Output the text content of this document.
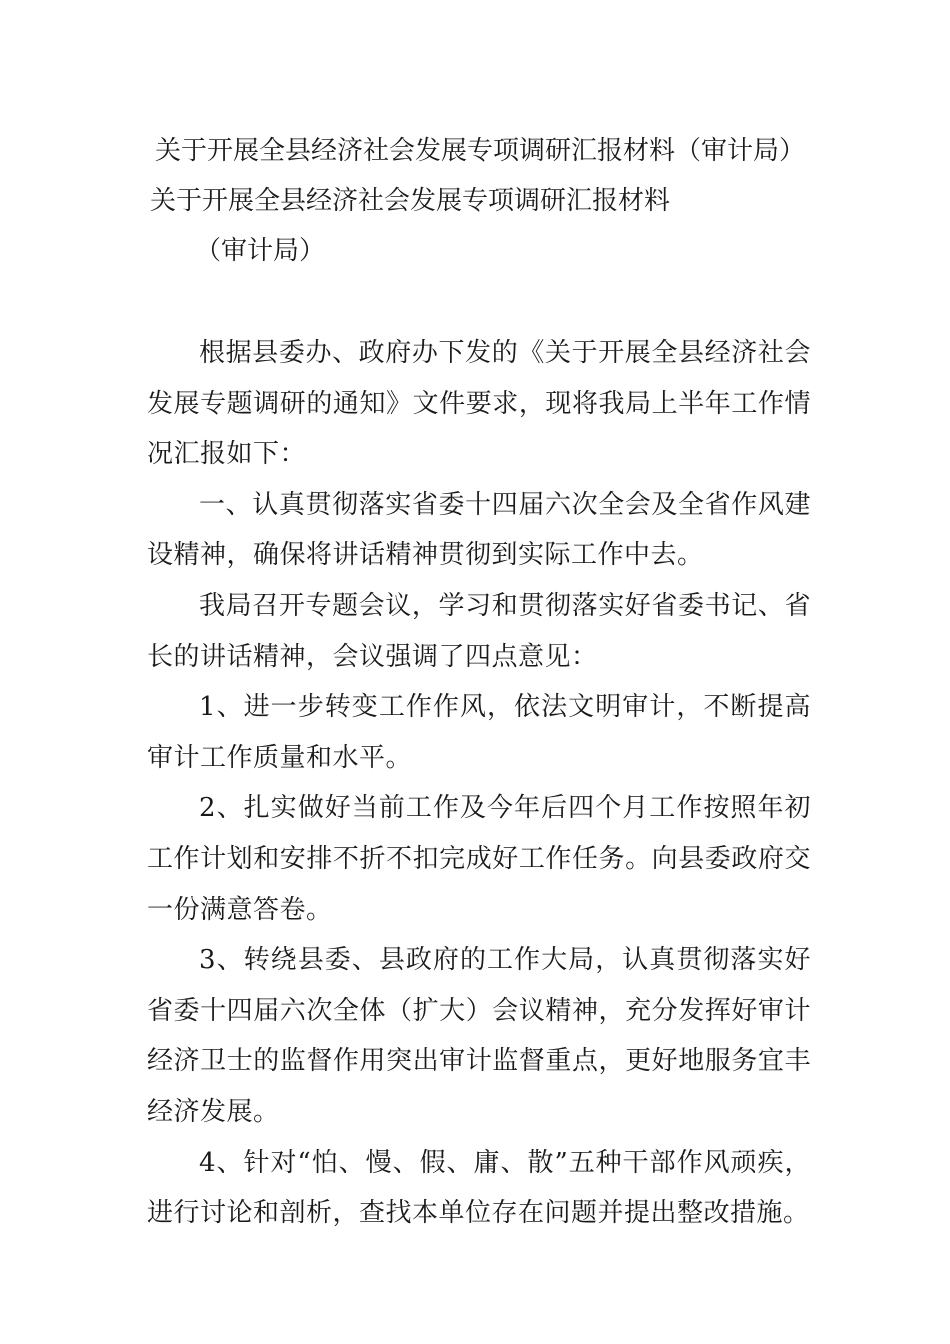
关于开展全县经济社会发展专项调研汇报材料（审计局）
关于开展全县经济社会发展专项调研汇报材料
（审计局）

根据县委办、政府办下发的《关于开展全县经济社会发展专题调研的通知》文件要求，现将我局上半年工作情况汇报如下：

一、认真贯彻落实省委十四届六次全会及全省作风建设精神，确保将讲话精神贯彻到实际工作中去。

我局召开专题会议，学习和贯彻落实好省委书记、省长的讲话精神，会议强调了四点意见：

1、进一步转变工作作风，依法文明审计，不断提高审计工作质量和水平。

2、扎实做好当前工作及今年后四个月工作按照年初工作计划和安排不折不扣完成好工作任务。向县委政府交一份满意答卷。

3、转绕县委、县政府的工作大局，认真贯彻落实好省委十四届六次全体（扩大）会议精神，充分发挥好审计经济卫士的监督作用突出审计监督重点，更好地服务宜丰经济发展。

4、针对“怕、慢、假、庸、散”五种干部作风顽疾，进行讨论和剖析，查找本单位存在问题并提出整改措施。
